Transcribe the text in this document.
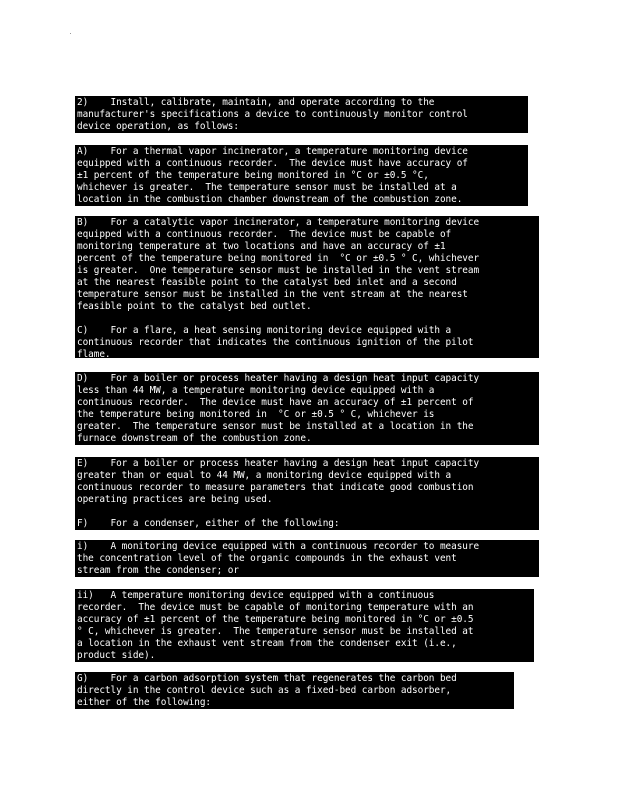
2)    Install, calibrate, maintain, and operate according to the
manufacturer's specifications a device to continuously monitor control
device operation, as follows:
A)    For a thermal vapor incinerator, a temperature monitoring device
equipped with a continuous recorder.  The device must have accuracy of
±1 percent of the temperature being monitored in °C or ±0.5 °C,
whichever is greater.  The temperature sensor must be installed at a
location in the combustion chamber downstream of the combustion zone.
B)    For a catalytic vapor incinerator, a temperature monitoring device
equipped with a continuous recorder.  The device must be capable of
monitoring temperature at two locations and have an accuracy of ±1
percent of the temperature being monitored in  °C or ±0.5 ° C, whichever
is greater.  One temperature sensor must be installed in the vent stream
at the nearest feasible point to the catalyst bed inlet and a second
temperature sensor must be installed in the vent stream at the nearest
feasible point to the catalyst bed outlet.

C)    For a flare, a heat sensing monitoring device equipped with a
continuous recorder that indicates the continuous ignition of the pilot
flame.
D)    For a boiler or process heater having a design heat input capacity
less than 44 MW, a temperature monitoring device equipped with a
continuous recorder.  The device must have an accuracy of ±1 percent of
the temperature being monitored in  °C or ±0.5 ° C, whichever is
greater.  The temperature sensor must be installed at a location in the
furnace downstream of the combustion zone.
E)    For a boiler or process heater having a design heat input capacity
greater than or equal to 44 MW, a monitoring device equipped with a
continuous recorder to measure parameters that indicate good combustion
operating practices are being used.

F)    For a condenser, either of the following:
i)    A monitoring device equipped with a continuous recorder to measure
the concentration level of the organic compounds in the exhaust vent
stream from the condenser; or
ii)   A temperature monitoring device equipped with a continuous
recorder.  The device must be capable of monitoring temperature with an
accuracy of ±1 percent of the temperature being monitored in °C or ±0.5
° C, whichever is greater.  The temperature sensor must be installed at
a location in the exhaust vent stream from the condenser exit (i.e.,
product side).
G)    For a carbon adsorption system that regenerates the carbon bed
directly in the control device such as a fixed-bed carbon adsorber,
either of the following:
